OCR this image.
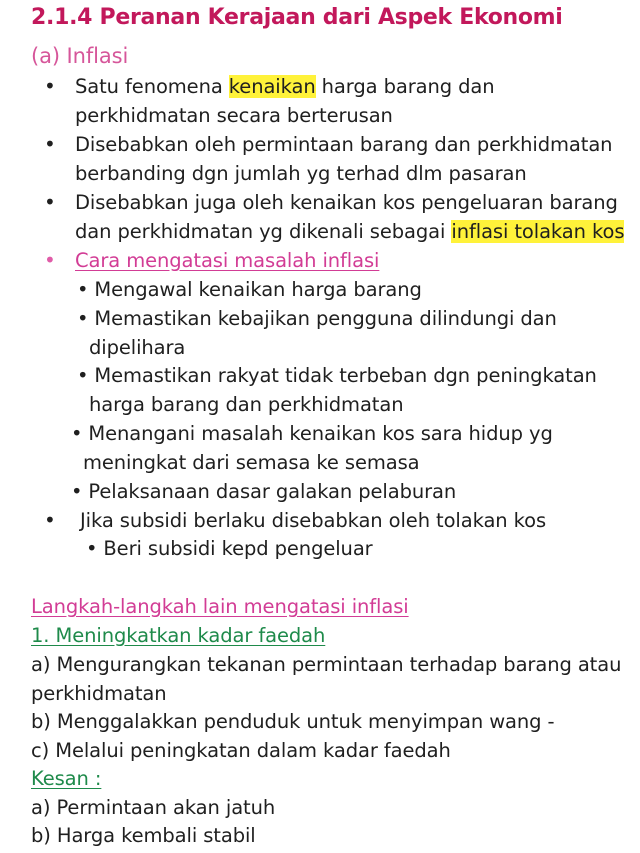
2.1.4 Peranan Kerajaan dari Aspek Ekonomi
(a) Inflasi
• Satu fenomena kenaikan harga barang dan
perkhidmatan secara berterusan
• Disebabkan oleh permintaan barang dan perkhidmatan
berbanding dgn jumlah yg terhad dlm pasaran
• Disebabkan juga oleh kenaikan kos pengeluaran barang
dan perkhidmatan yg dikenali sebagai inflasi tolakan kos
• Cara mengatasi masalah inflasi
• Mengawal kenaikan harga barang
• Memastikan kebajikan pengguna dilindungi dan
dipelihara
• Memastikan rakyat tidak terbeban dgn peningkatan
harga barang dan perkhidmatan
• Menangani masalah kenaikan kos sara hidup yg
meningkat dari semasa ke semasa
• Pelaksanaan dasar galakan pelaburan
• Jika subsidi berlaku disebabkan oleh tolakan kos
• Beri subsidi kepd pengeluar
Langkah-langkah lain mengatasi inflasi
1. Meningkatkan kadar faedah
a) Mengurangkan tekanan permintaan terhadap barang atau
perkhidmatan
b) Menggalakkan penduduk untuk menyimpan wang -
c) Melalui peningkatan dalam kadar faedah
Kesan :
a) Permintaan akan jatuh
b) Harga kembali stabil
